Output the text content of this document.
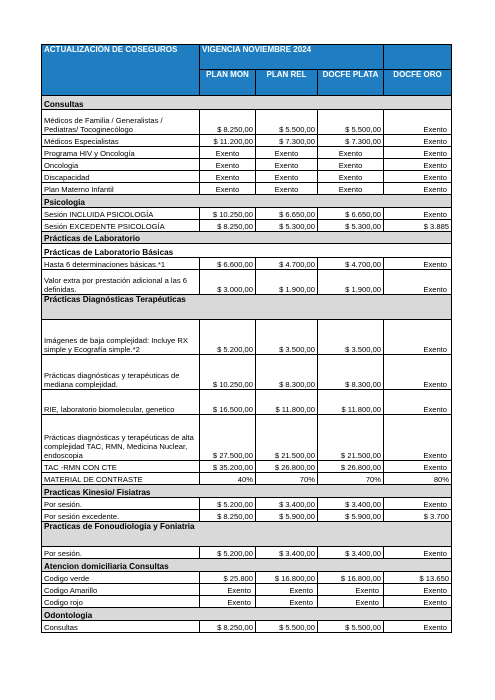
ACTUALIZACIÓN DE COSEGUROS	VIGENCIA NOVIEMBRE 2024			
	PLAN MON	PLAN REL	DOCFE PLATA	DOCFE ORO
Consultas				
Médicos de Familia / Generalistas / Pediatras/ Tocoginecólogo	$ 8.250,00	$ 5.500,00	$ 5.500,00	Exento
Médicos Especialistas	$ 11.200,00	$ 7.300,00	$ 7.300,00	Exento
Programa HIV y Oncología	Exento	Exento	Exento	Exento
Oncologia	Exento	Exento	Exento	Exento
Discapacidad	Exento	Exento	Exento	Exento
Plan Materno Infantil	Exento	Exento	Exento	Exento
Psicologia				
Sesión INCLUIDA PSICOLOGÍA	$ 10.250,00	$ 6.650,00	$ 6.650,00	Exento
Sesión EXCEDENTE PSICOLOGÍA	$ 8.250,00	$ 5.300,00	$ 5.300,00	$ 3.885
Prácticas de Laboratorio				
Prácticas de Laboratorio Básicas				
Hasta 6 determinaciones básicas.*1	$ 6.600,00	$ 4.700,00	$ 4.700,00	Exento
Valor extra por prestación adicional a las 6 definidas.	$ 3.000,00	$ 1.900,00	$ 1.900,00	Exento
Prácticas Diagnósticas Terapéuticas				
Imágenes de baja complejidad: Incluye RX simple y Ecografía simple.*2	$ 5.200,00	$ 3.500,00	$ 3.500,00	Exento
Prácticas diagnósticas y terapéuticas de mediana complejidad.	$ 10.250,00	$ 8.300,00	$ 8.300,00	Exento
RIE, laboratorio biomolecular, genetico	$ 16.500,00	$ 11.800,00	$ 11.800,00	Exento
Prácticas diagnósticas y terapéuticas de alta complejidad TAC, RMN, Medicina Nuclear, endoscopia	$ 27.500,00	$ 21.500,00	$ 21.500,00	Exento
TAC -RMN CON CTE	$ 35.200,00	$ 26.800,00	$ 26.800,00	Exento
MATERIAL DE CONTRASTE	40%	70%	70%	80%
Practicas Kinesio/ Fisiatras				
Por sesión.	$ 5.200,00	$ 3.400,00	$ 3.400,00	Exento
Por sesión excedente.	$ 8.250,00	$ 5.900,00	$ 5.900,00	$ 3.700
Practicas de Fonoudiologia y Foniatria				
Por sesión.	$ 5.200,00	$ 3.400,00	$ 3.400,00	Exento
Atencion domiciliaria Consultas				
Codigo verde	$ 25.800	$ 16.800,00	$ 16.800,00	$ 13.650
Codigo Amarillo	Exento	Exento	Exento	Exento
Codigo rojo	Exento	Exento	Exento	Exento
Odontologia				
Consultas	$ 8.250,00	$ 5.500,00	$ 5.500,00	Exento
